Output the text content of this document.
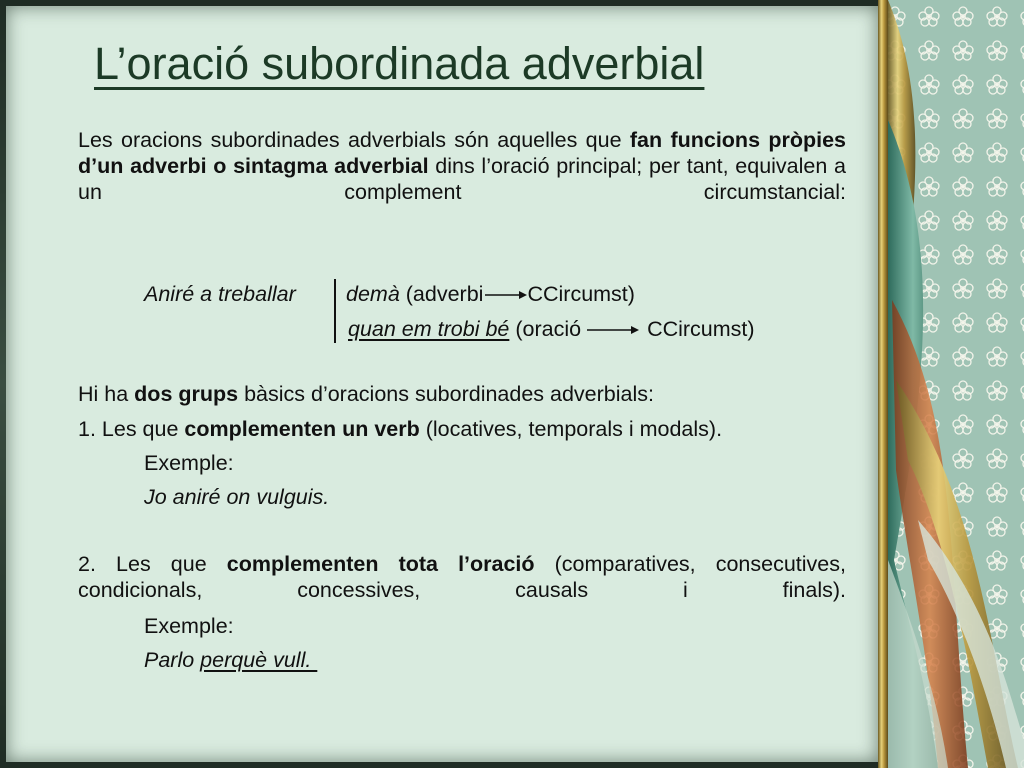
L’oració subordinada adverbial

Les oracions subordinades adverbials són aquelles que fan funcions pròpies d’un adverbi o sintagma adverbial dins l’oració principal; per tant, equivalen a un complement circumstancial:

Aniré a treballar demà (adverbi CCircumst)

quan em trobi bé (oració	CCircumst)

Hi ha dos grups bàsics d’oracions subordinades adverbials:

1. Les que complementen un verb (locatives, temporals i modals).

Exemple:

Jo aniré on vulguis.

2. Les que complementen tota l’oració (comparatives, consecutives, condicionals, concessives, causals i finals).

Exemple:

Parlo perquè vull.
